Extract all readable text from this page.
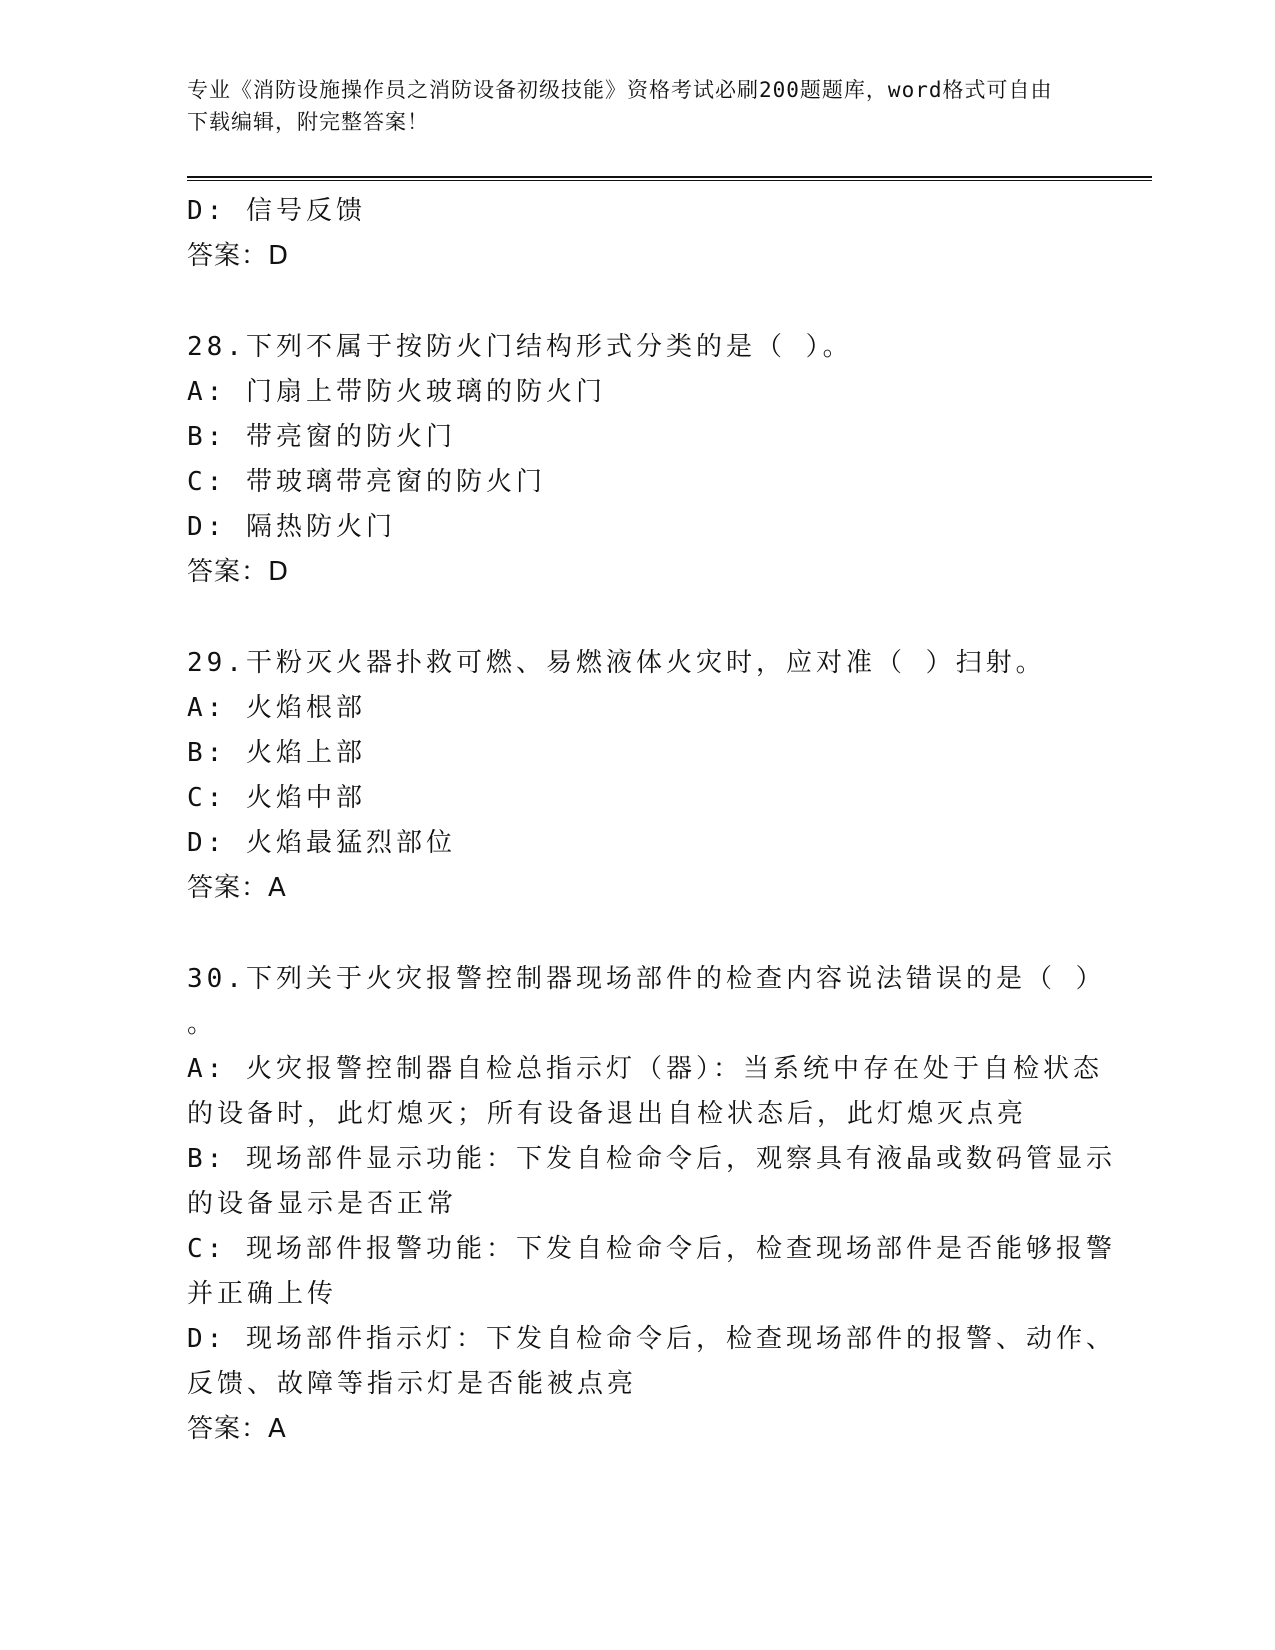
专业《消防设施操作员之消防设备初级技能》资格考试必刷200题题库，word格式可自由下载编辑，附完整答案！
D: 信号反馈
答案：D
28.下列不属于按防火门结构形式分类的是（ ）。
A: 门扇上带防火玻璃的防火门
B: 带亮窗的防火门
C: 带玻璃带亮窗的防火门
D: 隔热防火门
答案：D
29.干粉灭火器扑救可燃、易燃液体火灾时，应对准（ ）扫射。
A: 火焰根部
B: 火焰上部
C: 火焰中部
D: 火焰最猛烈部位
答案：A
30.下列关于火灾报警控制器现场部件的检查内容说法错误的是（ ）
。
A: 火灾报警控制器自检总指示灯（器）：当系统中存在处于自检状态
的设备时，此灯熄灭；所有设备退出自检状态后，此灯熄灭点亮
B: 现场部件显示功能：下发自检命令后，观察具有液晶或数码管显示
的设备显示是否正常
C: 现场部件报警功能：下发自检命令后，检查现场部件是否能够报警
并正确上传
D: 现场部件指示灯：下发自检命令后，检查现场部件的报警、动作、
反馈、故障等指示灯是否能被点亮
答案：A
